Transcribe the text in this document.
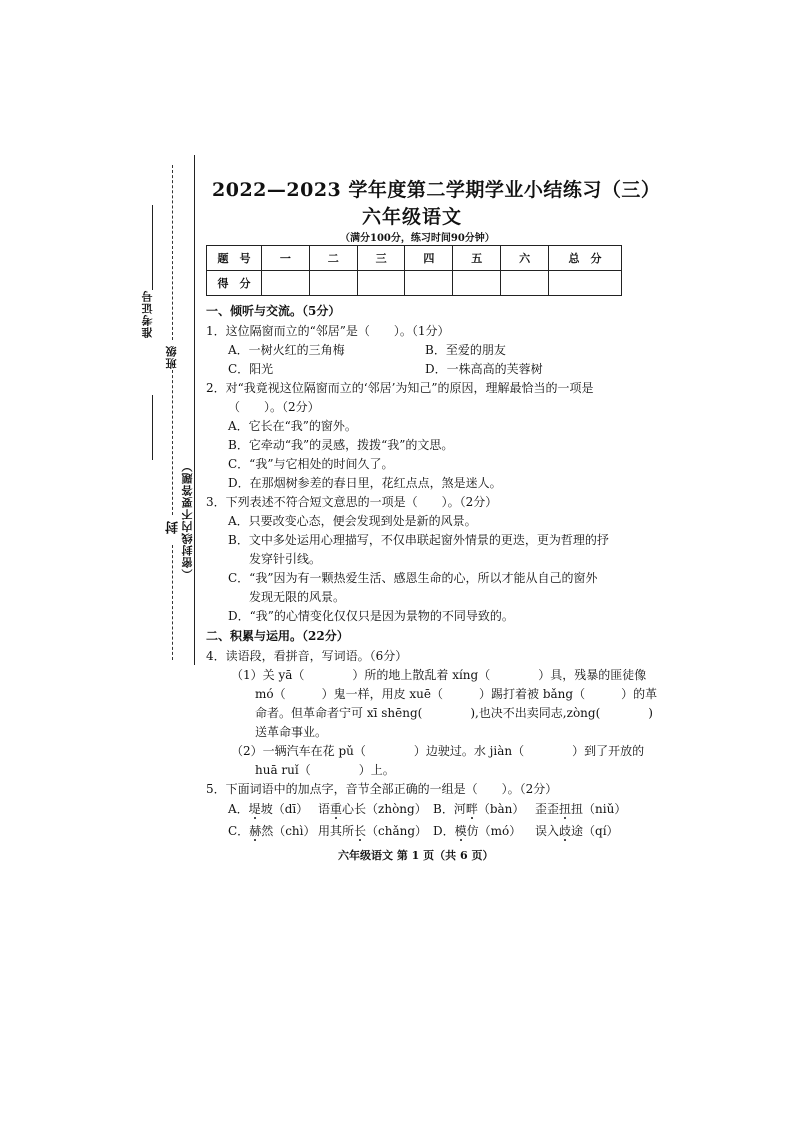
准考证号
班级
封 （密封线内不要答题）
2022—2023 学年度第二学期学业小结练习（三）
六年级语文
（满分100分，练习时间90分钟）
题　号	一	二	三	四	五	六	总　分
得　分							
一、倾听与交流。（5分）
1．这位隔窗而立的“邻居”是（　　）。（1分）
A．一树火红的三角梅	B．至爱的朋友
C．阳光	D．一株高高的芙蓉树
2．对“我竟视这位隔窗而立的‘邻居’为知己”的原因，理解最恰当的一项是
（　　）。（2分）
A．它长在“我”的窗外。
B．它牵动“我”的灵感，拨拨“我”的文思。
C．“我”与它相处的时间久了。
D．在那烟树参差的春日里，花红点点，煞是迷人。
3．下列表述不符合短文意思的一项是（　　）。（2分）
A．只要改变心态，便会发现到处是新的风景。
B．文中多处运用心理描写，不仅串联起窗外情景的更迭，更为哲理的抒
发穿针引线。
C．“我”因为有一颗热爱生活、感恩生命的心，所以才能从自己的窗外
发现无限的风景。
D．“我”的心情变化仅仅只是因为景物的不同导致的。
二、积累与运用。（22分）
4．读语段，看拼音，写词语。（6分）
（1）关 yā（　　　　）所的地上散乱着 xíng（　　　　）具，残暴的匪徒像
mó（　　　）鬼一样，用皮 xuē（　　　）踢打着被 bǎng（　　　）的革
命者。但革命者宁可 xī shēng(　　　　),也决不出卖同志,zòng(　　　　)
送革命事业。
（2）一辆汽车在花 pǔ（　　　　）边驶过。水 jiàn（　　　　）到了开放的
huā ruǐ（　　　　）上。
5．下面词语中的加点字，音节全部正确的一组是（　　）。（2分）
A．堤坡（dī） 语重心长（zhòng） B．河畔（bàn） 歪歪扭扭（niǔ）
C．赫然（chì） 用其所长（chǎng） D．模仿（mó） 误入歧途（qí）
六年级语文 第 1 页（共 6 页）
